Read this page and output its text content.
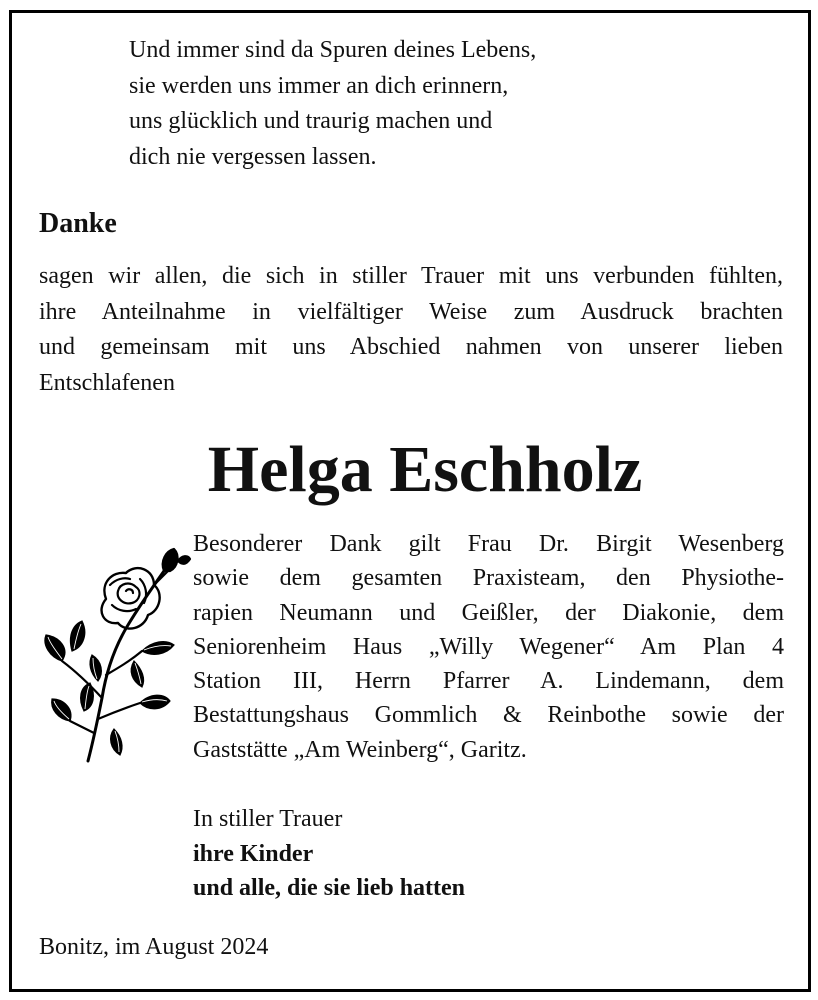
Und immer sind da Spuren deines Lebens,
sie werden uns immer an dich erinnern,
uns glücklich und traurig machen und
dich nie vergessen lassen.
Danke
sagen wir allen, die sich in stiller Trauer mit uns verbunden fühlten,
ihre Anteilnahme in vielfältiger Weise zum Ausdruck brachten
und gemeinsam mit uns Abschied nahmen von unserer lieben
Entschlafenen
Helga Eschholz
Besonderer Dank gilt Frau Dr. Birgit Wesenberg
sowie dem gesamten Praxisteam, den Physiothe-
rapien Neumann und Geißler, der Diakonie, dem
Seniorenheim Haus „Willy Wegener“ Am Plan 4
Station III, Herrn Pfarrer A. Lindemann, dem
Bestattungshaus Gommlich & Reinbothe sowie der
Gaststätte „Am Weinberg“, Garitz.
In stiller Trauer
ihre Kinder
und alle, die sie lieb hatten
Bonitz, im August 2024
